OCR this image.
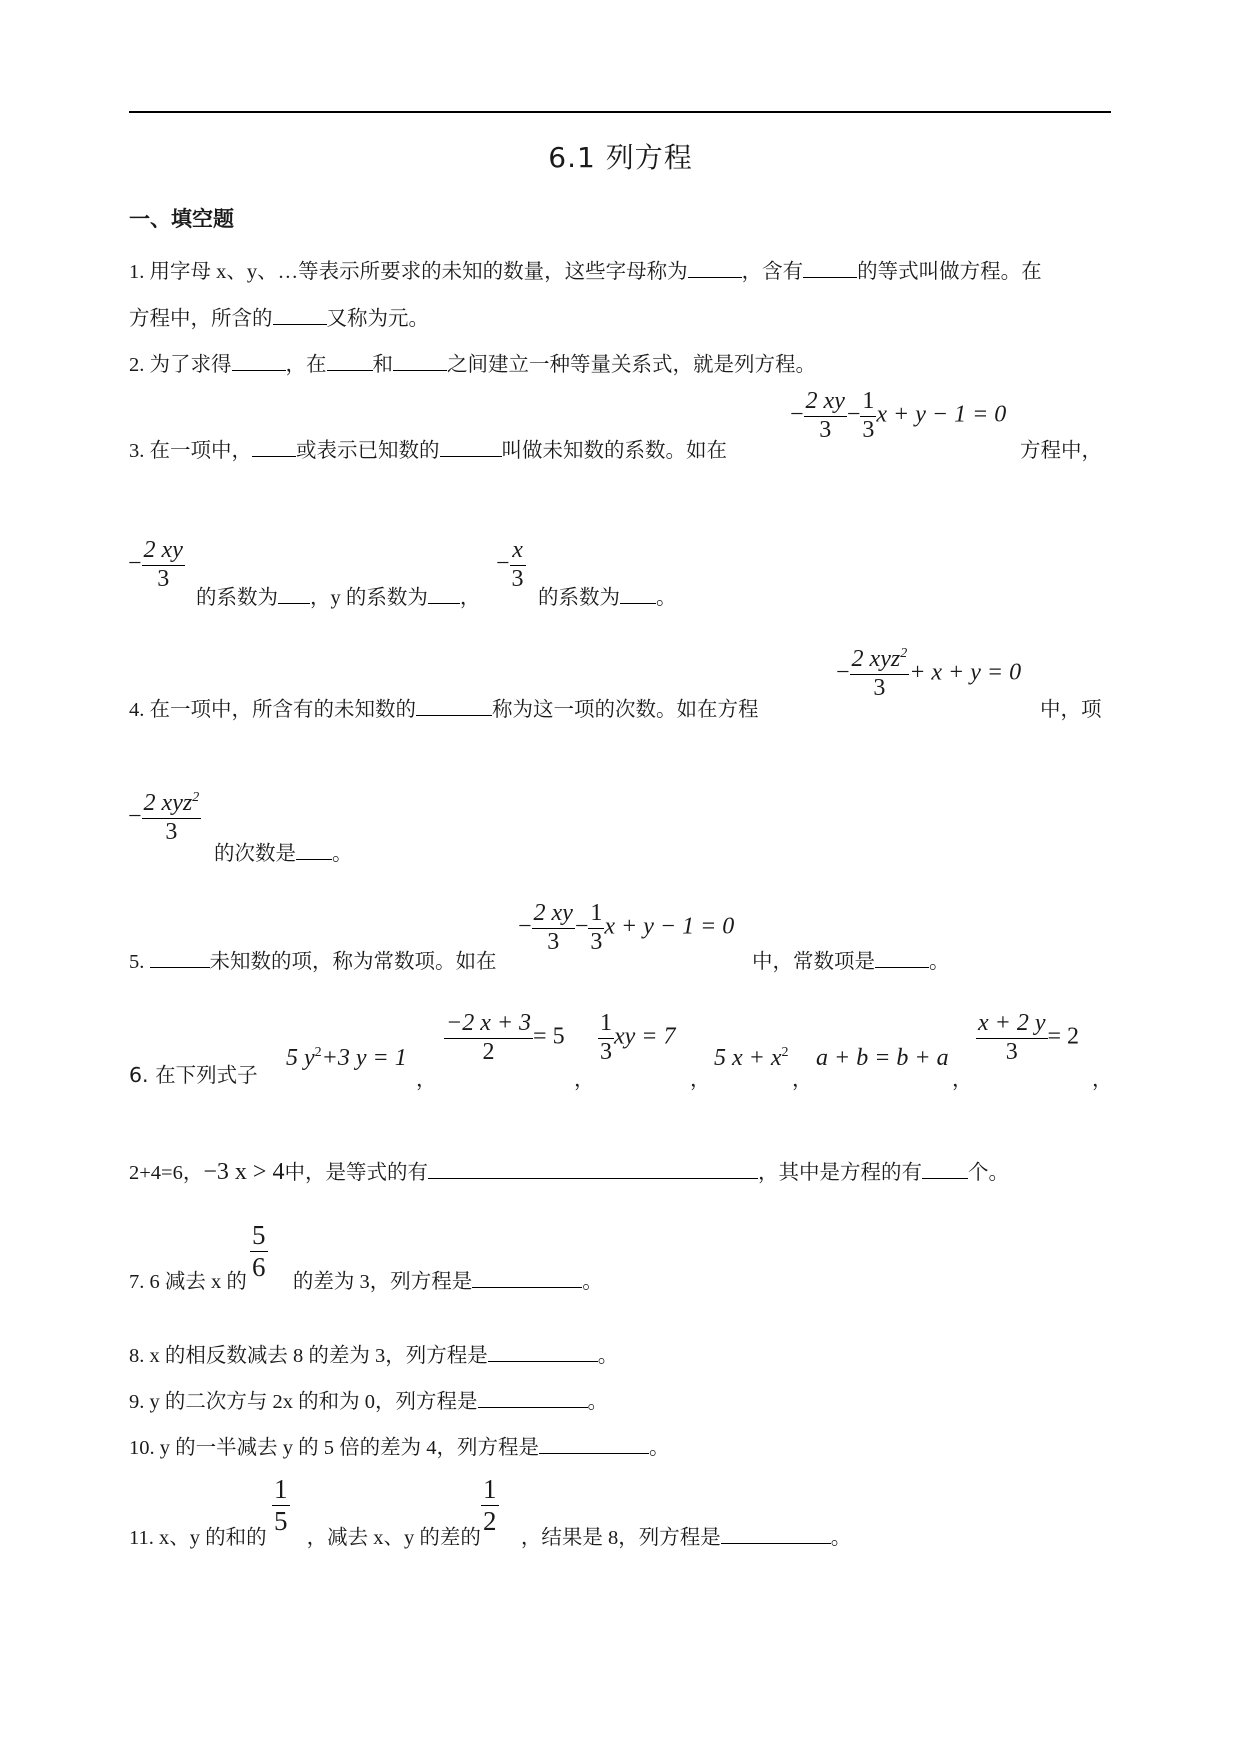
6.1 列方程
一、填空题
1. 用字母 x、y、…等表示所要求的未知的数量，这些字母称为	，含有	的等式叫做方程。在
方程中，所含的	又称为元。
2. 为了求得	，在 和	之间建立一种等量关系式，就是列方程。
3. 在一项中， 或表示已知数的	叫做未知数的系数。如在
− $\frac{2 xy}{3} - \frac{1}{3}$ x + y − 1 = 0
方程中，
− $\frac{2 xy}{3}$
的系数为 ，y 的系数为 ，
− $\frac{x}{3}$
的系数为 。
4. 在一项中，所含有的未知数的	称为这一项的次数。如在方程
− $\frac{2 xyz^2}{3} + x + y = 0$
中，项
− $\frac{2 xyz^2}{3}$
的次数是 。
5.	未知数的项，称为常数项。如在
− $\frac{2 xy}{3} - \frac{1}{3}$ x + y − 1 = 0
中，常数项是	。
6. 在下列式子
5 $y^2+3$ y = 1
，
$\frac{-2 x + 3}{2} = 5$
，
$\frac{1}{3}$ xy = 7
，
5 $x + x^2$
，
a + b = b + a
，
$\frac{x + 2 y}{3} = 2$
，
2+4=6，−3 x > 4中，是等式的有	，其中是方程的有 个。
7. 6 减去 x 的 的差为 3，列方程是	。
$\frac{5}{6}$
8. x 的相反数减去 8 的差为 3，列方程是	。
9. y 的二次方与 2x 的和为 0，列方程是	。
10. y 的一半减去 y 的 5 倍的差为 4，列方程是	。
11. x、y 的和的 ，减去 x、y 的差的 ，结果是 8，列方程是	。
$\frac{1}{5}$	$\frac{1}{2}$
